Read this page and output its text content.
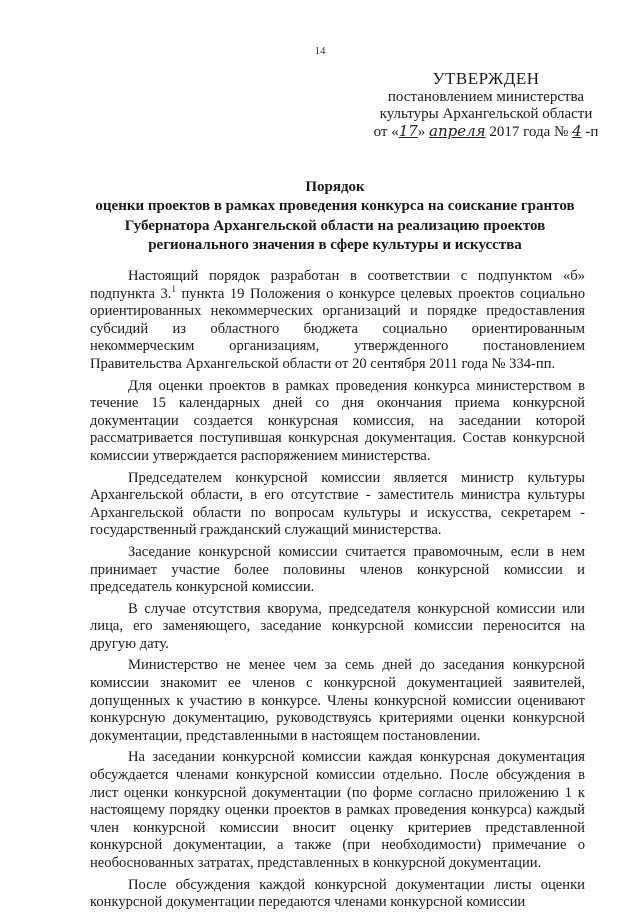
14
УТВЕРЖДЕН
постановлением министерства
культуры Архангельской области
от «17» апреля 2017 года № 4 -п
Порядок
оценки проектов в рамках проведения конкурса на соискание грантов
Губернатора Архангельской области на реализацию проектов
регионального значения в сфере культуры и искусства

Настоящий порядок разработан в соответствии с подпунктом «б» подпункта 3.$^1$ пункта 19 Положения о конкурсе целевых проектов социально ориентированных некоммерческих организаций и порядке предоставления субсидий из областного бюджета социально ориентированным некоммерческим организациям, утвержденного постановлением Правительства Архангельской области от 20 сентября 2011 года № 334-пп.

Для оценки проектов в рамках проведения конкурса министерством в течение 15 календарных дней со дня окончания приема конкурсной документации создается конкурсная комиссия, на заседании которой рассматривается поступившая конкурсная документация. Состав конкурсной комиссии утверждается распоряжением министерства.

Председателем конкурсной комиссии является министр культуры Архангельской области, в его отсутствие - заместитель министра культуры Архангельской области по вопросам культуры и искусства, секретарем - государственный гражданский служащий министерства.

Заседание конкурсной комиссии считается правомочным, если в нем принимает участие более половины членов конкурсной комиссии и председатель конкурсной комиссии.

В случае отсутствия кворума, председателя конкурсной комиссии или лица, его заменяющего, заседание конкурсной комиссии переносится на другую дату.

Министерство не менее чем за семь дней до заседания конкурсной комиссии знакомит ее членов с конкурсной документацией заявителей, допущенных к участию в конкурсе. Члены конкурсной комиссии оценивают конкурсную документацию, руководствуясь критериями оценки конкурсной документации, представленными в настоящем постановлении.

На заседании конкурсной комиссии каждая конкурсная документация обсуждается членами конкурсной комиссии отдельно. После обсуждения в лист оценки конкурсной документации (по форме согласно приложению 1 к настоящему порядку оценки проектов в рамках проведения конкурса) каждый член конкурсной комиссии вносит оценку критериев представленной конкурсной документации, а также (при необходимости) примечание о необоснованных затратах, представленных в конкурсной документации.

После обсуждения каждой конкурсной документации листы оценки конкурсной документации передаются членами конкурсной комиссии
